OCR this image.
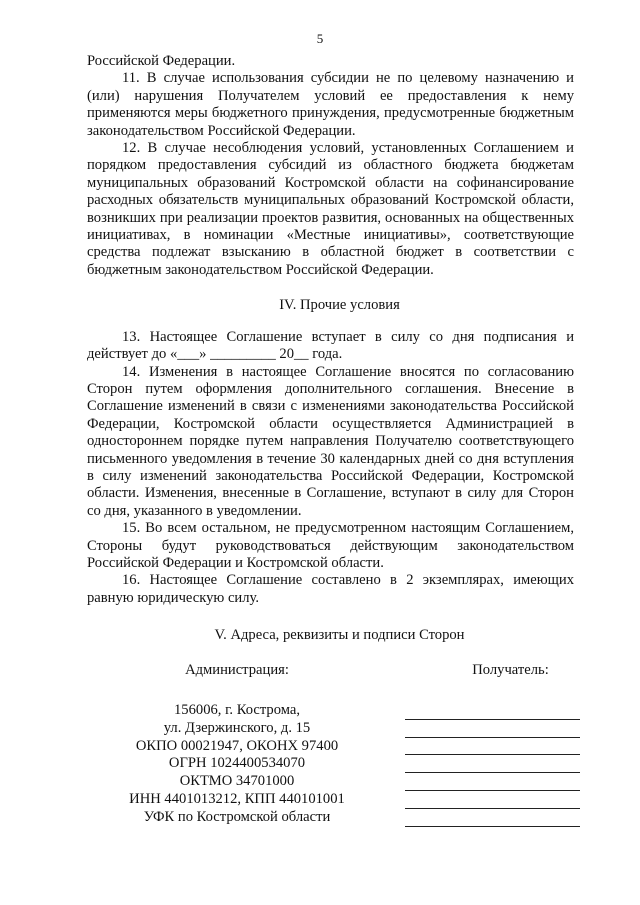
5

Российской Федерации.

11. В случае использования субсидии не по целевому назначению и (или) нарушения Получателем условий ее предоставления к нему применяются меры бюджетного принуждения, предусмотренные бюджетным законодательством Российской Федерации.

12. В случае несоблюдения условий, установленных Соглашением и порядком предоставления субсидий из областного бюджета бюджетам муниципальных образований Костромской области на софинансирование расходных обязательств муниципальных образований Костромской области, возникших при реализации проектов развития, основанных на общественных инициативах, в номинации «Местные инициативы», соответствующие средства подлежат взысканию в областной бюджет в соответствии с бюджетным законодательством Российской Федерации.

IV. Прочие условия

13. Настоящее Соглашение вступает в силу со дня подписания и действует до «___» _________ 20__ года.

14. Изменения в настоящее Соглашение вносятся по согласованию Сторон путем оформления дополнительного соглашения. Внесение в Соглашение изменений в связи с изменениями законодательства Российской Федерации, Костромской области осуществляется Администрацией в одностороннем порядке путем направления Получателю соответствующего письменного уведомления в течение 30 календарных дней со дня вступления в силу изменений законодательства Российской Федерации, Костромской области. Изменения, внесенные в Соглашение, вступают в силу для Сторон со дня, указанного в уведомлении.

15. Во всем остальном, не предусмотренном настоящим Соглашением, Стороны будут руководствоваться действующим законодательством Российской Федерации и Костромской области.

16. Настоящее Соглашение составлено в 2 экземплярах, имеющих равную юридическую силу.

V. Адреса, реквизиты и подписи Сторон
Администрация:
156006, г. Кострома,
ул. Дзержинского, д. 15
ОКПО 00021947, ОКОНХ 97400
ОГРН 1024400534070
ОКТМО 34701000
ИНН 4401013212, КПП 440101001
УФК по Костромской области
Получатель:
